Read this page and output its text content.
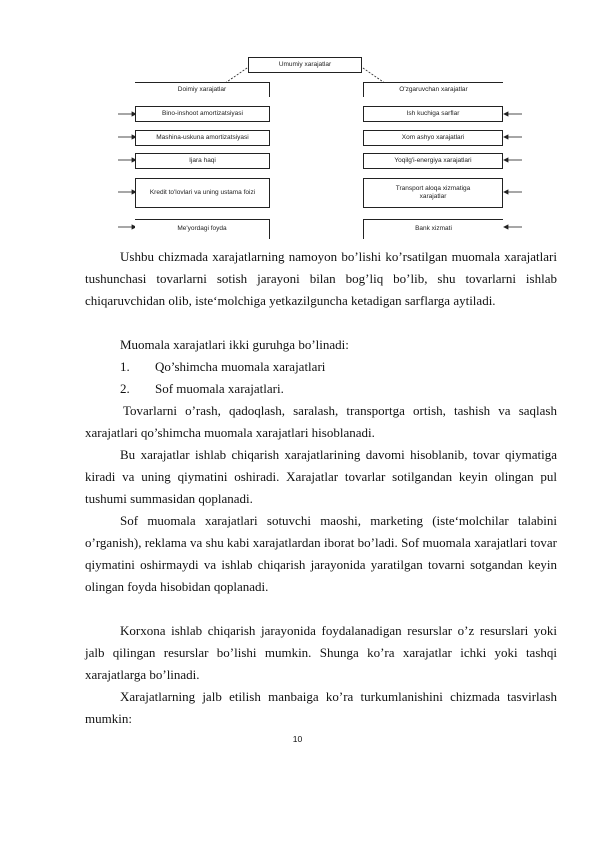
Umumiy xarajatlar
Doimiy xarajatlar	O'zgaruvchan xarajatlar
Bino-inshoot amortizatsiyasi
Mashina-uskuna amortizatsiyasi
Ijara haqi
Kredit to'lovlari va uning ustama foizi
Me'yordagi foyda
Ish kuchiga sarflar
Xom ashyo xarajatlari
Yoqilg'i-energiya xarajatlari
Transport aloqa xizmatiga xarajatlar
Bank xizmati
Ushbu chizmada xarajatlarning namoyon bo’lishi ko’rsatilgan muomala xarajatlari tushunchasi tovarlarni sotish jarayoni bilan bog’liq bo’lib, shu tovarlarni ishlab chiqaruvchidan olib, iste‘molchiga yetkazilguncha ketadigan sarflarga aytiladi.
Muomala xarajatlari ikki guruhga bo’linadi:
1. Qo’shimcha muomala xarajatlari
2. Sof muomala xarajatlari.
Tovarlarni o’rash, qadoqlash, saralash, transportga ortish, tashish va saqlash xarajatlari qo’shimcha muomala xarajatlari hisoblanadi.
Bu xarajatlar ishlab chiqarish xarajatlarining davomi hisoblanib, tovar qiymatiga kiradi va uning qiymatini oshiradi. Xarajatlar tovarlar sotilgandan keyin olingan pul tushumi summasidan qoplanadi.
Sof muomala xarajatlari sotuvchi maoshi, marketing (iste‘molchilar talabini o’rganish), reklama va shu kabi xarajatlardan iborat bo’ladi. Sof muomala xarajatlari tovar qiymatini oshirmaydi va ishlab chiqarish jarayonida yaratilgan tovarni sotgandan keyin olingan foyda hisobidan qoplanadi.
Korxona ishlab chiqarish jarayonida foydalanadigan resurslar o’z resurslari yoki jalb qilingan resurslar bo’lishi mumkin. Shunga ko’ra xarajatlar ichki yoki tashqi xarajatlarga bo’linadi.
Xarajatlarning jalb etilish manbaiga ko’ra turkumlanishini chizmada tasvirlash mumkin:
10
